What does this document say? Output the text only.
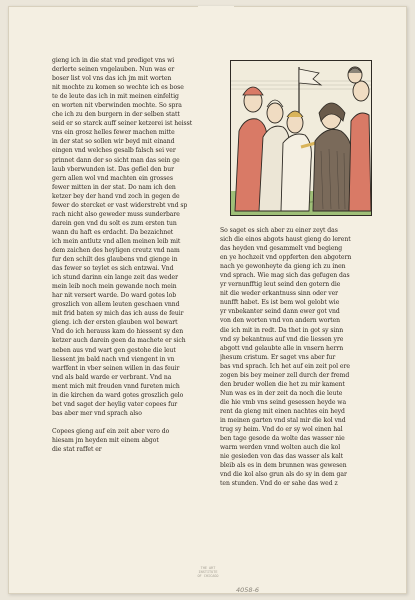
gieng ich in die stat vnd prediget vns wi

derlerte seinen vngelauben. Nun was er

boser list vol vns das ich jm mit worten

nit mochte zu komen so wechte ich es bose

te de leute das ich in mit meinen einfeltig

en worten nit vberwinden mochte. So spra

che ich zu den burgern in der selben statt

seid er so starck auff seiner ketzerei ist heisst

vns ein grosz helles fewer machen mitte

in der stat so sollen wir beyd mit einand

eingen vnd welches gesalb falsch sei ver

prinnet dann der so sicht man das sein ge

laub vberwunden ist. Das gefiel den bur

gern allen wol vnd machten ein grosses

fewer mitten in der stat. Do nam ich den

ketzer bey der hand vnd zoch in gegen de

fewer do stercket er vast widerstrebt vnd sp

rach nicht also geweder muss sunderbare

darein gen vnd du solt es zum ersten tun

wann du haft es erdacht. Da bezaichnet

ich mein antlutz vnd allen meinen leib mit

dem zaichen des heyligen creutz vnd nam

fur den schilt des glaubens vnd gienge in

das fewer so teylet es sich entzwai. Vnd

ich stund darinn ein lange zeit das weder

mein leib noch mein gewande noch mein

har nit versert warde. Do ward gotes lob

groszlich von allem leuten geschaen vnnd

mit frid baten sy mich das ich auss de feuir

gieng. ich der ersten glauben wol bewart

Vnd do ich herauss kam do hiessent sy den

ketzer auch darein geen da machete er sich

neben aus vnd wart gen gestohe die leut

liessent jm bald nach vnd viengent in vn

warffent in vber seinen willen in das feuir

vnd als bald warde er verbrant. Vnd na

ment mich mit freuden vnnd fureten mich

in die kirchen da ward gotes groszlich gelo

bet vnd saget der heylig vater copees fur

bas aber mer vnd sprach also

Copees gieng auf ein zeit aber vero do

hiesam jm heyden mit einem abgot

die stat raffet er

So saget es sich aber zu einer zeyt das

sich die einos abgots haust gieng do lerent

das heyden vnd gesammelt vnd begieng

en ye hochzeit vnd oppferten den abgotern

nach ye gewonheyte da gieng ich zu inen

vnd sprach. Wie mag sich das gefugen das

yr vernunfftig leut seind den gotern die

nit die weder erkantnuss sinn oder ver

nunfft habet. Es ist bem wol gelobt wie

yr vnbekanter seind dann ewer got vnd

von den worten vnd von andern worten

die ich mit in redt. Da thet in got sy sinn

vnd sy bekantnus auf vnd die liessen yre

abgott vnd gelaubte alle in vnsern herrn

jhesum cristum. Er saget vns aber fur

bas vnd sprach. Ich het auf ein zeit pol ere

zogen bis bey meiner zell durch der fremd

den bruder wollen die het zu mir kament

Nun was es in der zeit da noch die leute

die hie vmb vns seind gesessen heyde wa

rent da gieng mit einen nachtes ein heyd

in meinen garten vnd stal mir die kol vnd

trug sy heim. Vnd do er sy wol einen hal

ben tage gesode da wolte das wasser nie

warm werden vnnd wolten auch die kol

nie gesieden von das das wasser als kalt

bleib als es in dem brunnen was gewesen

vnd die kol also grun als do sy in dem gar

ten stunden. Vnd do er sahe das wed z

THE ART
INSTITUTE
OF CHICAGO
4058-6
